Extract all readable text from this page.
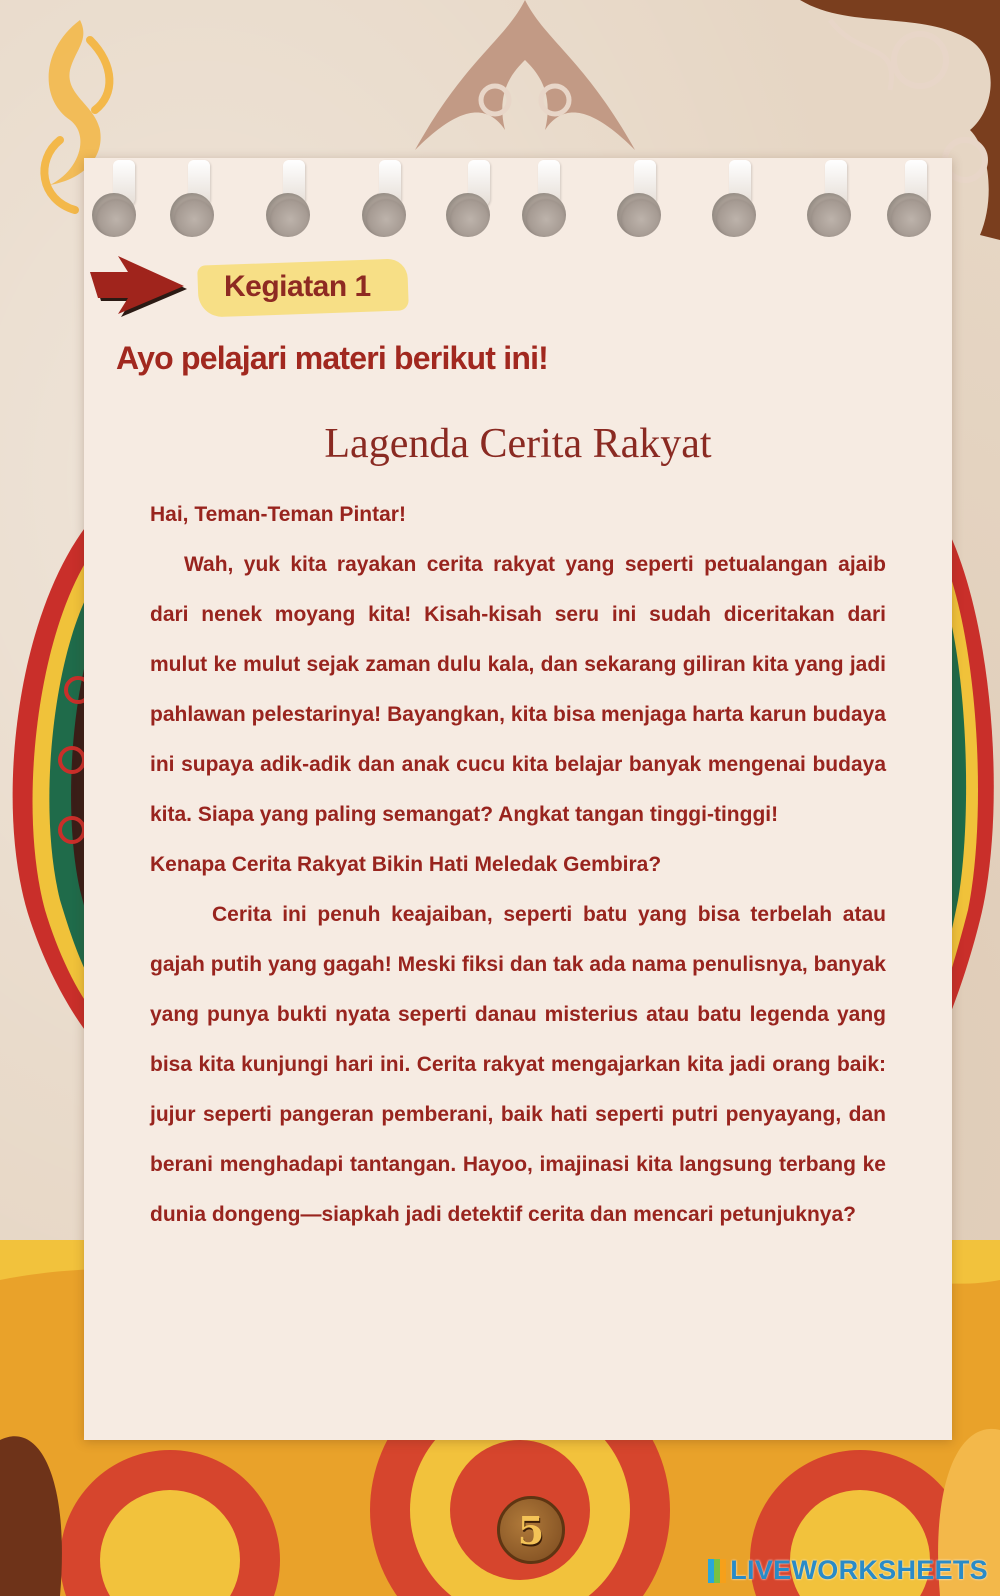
Kegiatan 1
Ayo pelajari materi berikut ini!
Lagenda Cerita Rakyat

Hai, Teman-Teman Pintar!

Wah, yuk kita rayakan cerita rakyat yang seperti petualangan ajaib dari nenek moyang kita! Kisah-kisah seru ini sudah diceritakan dari mulut ke mulut sejak zaman dulu kala, dan sekarang giliran kita yang jadi pahlawan pelestarinya! Bayangkan, kita bisa menjaga harta karun budaya ini supaya adik-adik dan anak cucu kita belajar banyak mengenai budaya kita. Siapa yang paling semangat? Angkat tangan tinggi-tinggi!

Kenapa Cerita Rakyat Bikin Hati Meledak Gembira?

Cerita ini penuh keajaiban, seperti batu yang bisa terbelah atau gajah putih yang gagah! Meski fiksi dan tak ada nama penulisnya, banyak yang punya bukti nyata seperti danau misterius atau batu legenda yang bisa kita kunjungi hari ini. Cerita rakyat mengajarkan kita jadi orang baik: jujur seperti pangeran pemberani, baik hati seperti putri penyayang, dan berani menghadapi tantangan. Hayoo, imajinasi kita langsung terbang ke dunia dongeng—siapkah jadi detektif cerita dan mencari petunjuknya?

5
LIVEWORKSHEETS
